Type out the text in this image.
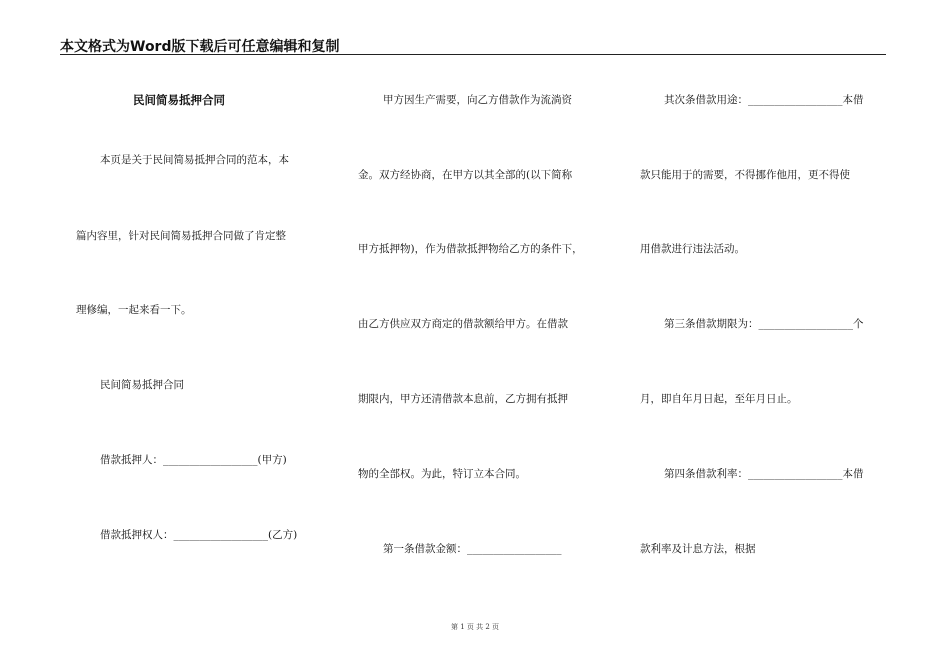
本文格式为Word版下载后可任意编辑和复制
民间简易抵押合同
本页是关于民间简易抵押合同的范本，本
篇内容里，针对民间简易抵押合同做了肯定整
理修编，一起来看一下。
民间简易抵押合同
借款抵押人：__________________(甲方)
借款抵押权人：__________________(乙方)
甲方因生产需要，向乙方借款作为流淌资
金。双方经协商，在甲方以其全部的(以下简称
甲方抵押物)，作为借款抵押物给乙方的条件下，
由乙方供应双方商定的借款额给甲方。在借款
期限内，甲方还清借款本息前，乙方拥有抵押
物的全部权。为此，特订立本合同。
第一条借款金额：__________________
其次条借款用途：__________________本借
款只能用于的需要，不得挪作他用，更不得使
用借款进行违法活动。
第三条借款期限为：__________________个
月，即自年月日起，至年月日止。
第四条借款利率：__________________本借
款利率及计息方法，根据
第 1 页 共 2 页
